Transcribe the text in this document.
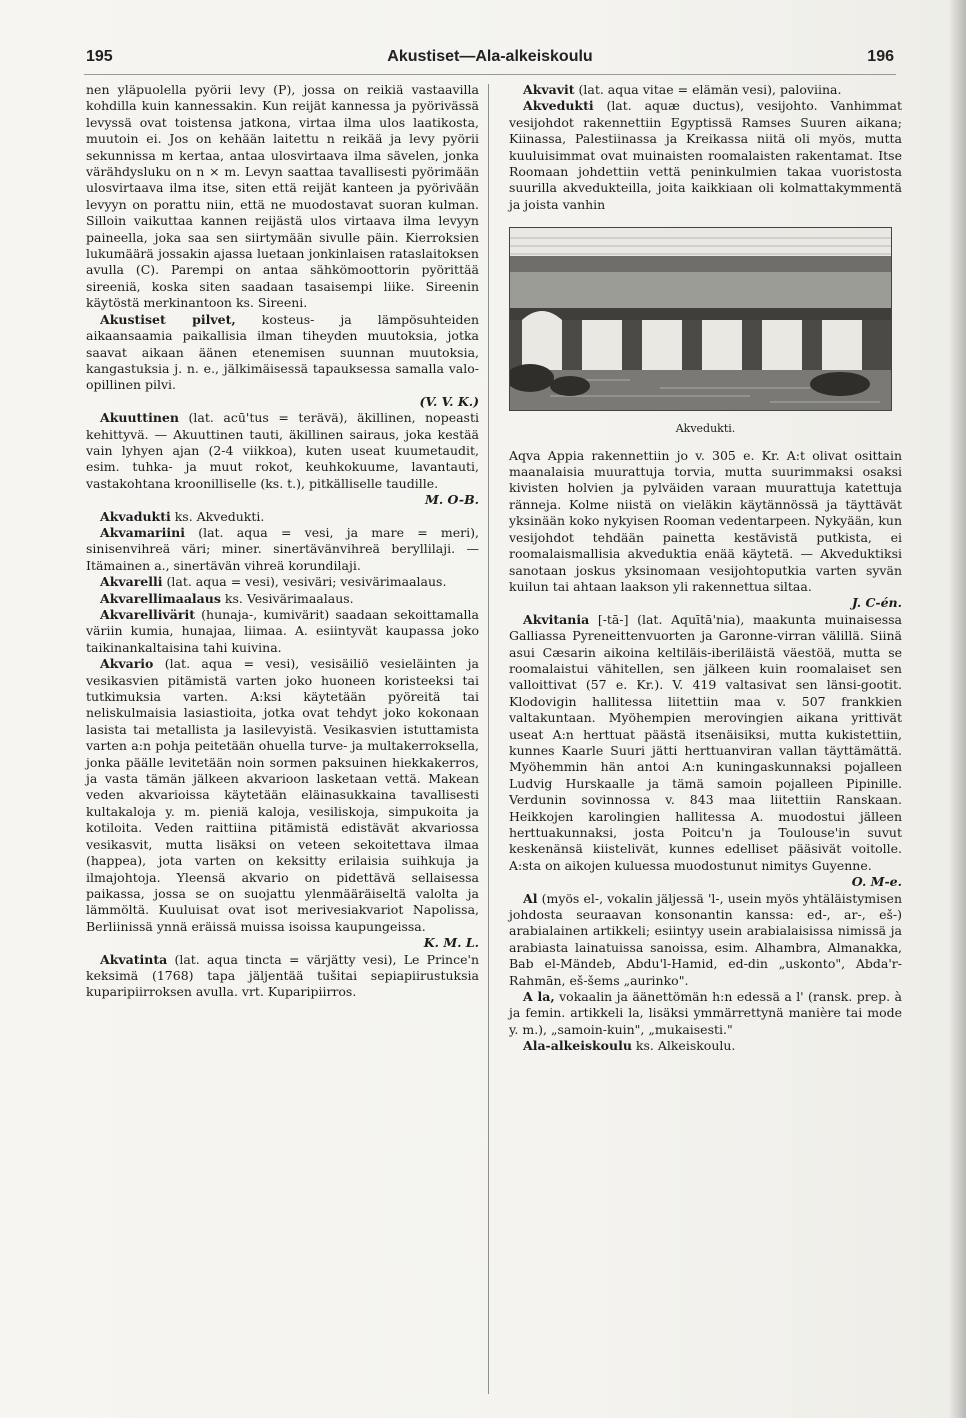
195	Akustiset—Ala-alkeiskoulu	196

nen yläpuolella pyörii levy (P), jossa on reikiä vastaavilla kohdilla kuin kannessakin. Kun reijät kannessa ja pyörivässä levyssä ovat toistensa jatkona, virtaa ilma ulos laatikosta, muutoin ei. Jos on kehään laitettu n reikää ja levy pyörii sekunnissa m kertaa, antaa ulosvirtaava ilma sävelen, jonka värähdysluku on n × m. Levyn saattaa tavallisesti pyörimään ulosvirtaava ilma itse, siten että reijät kanteen ja pyörivään levyyn on porattu niin, että ne muodostavat suoran kulman. Silloin vaikuttaa kannen reijästä ulos virtaava ilma levyyn paineella, joka saa sen siirtymään sivulle päin. Kierroksien lukumäärä jossakin ajassa luetaan jonkinlaisen rataslaitoksen avulla (C). Parempi on antaa sähkömoottorin pyörittää sireeniä, koska siten saadaan tasaisempi liike. Sireenin käytöstä merkinantoon ks. Sireeni.

Akustiset pilvet, kosteus- ja lämpösuhteiden aikaansaamia paikallisia ilman tiheyden muutoksia, jotka saavat aikaan äänen etenemisen suunnan muutoksia, kangastuksia j. n. e., jälkimäisessä tapauksessa samalla valo-opillinen pilvi.
(V. V. K.)

Akuuttinen (lat. acū'tus = terävä), äkillinen, nopeasti kehittyvä. — Akuuttinen tauti, äkillinen sairaus, joka kestää vain lyhyen ajan (2-4 viikkoa), kuten useat kuumetaudit, esim. tuhka- ja muut rokot, keuhkokuume, lavantauti, vastakohtana kroonilliselle (ks. t.), pitkälliselle taudille.
M. O-B.

Akvadukti ks. Akvedukti.

Akvamariini (lat. aqua = vesi, ja mare = meri), sinisenvihreä väri; miner. sinertävänvihreä beryllilaji. — Itämainen a., sinertävän vihreä korundilaji.

Akvarelli (lat. aqua = vesi), vesiväri; vesivärimaalaus.

Akvarellimaalaus ks. Vesivärimaalaus.

Akvarellivärit (hunaja-, kumivärit) saadaan sekoittamalla väriin kumia, hunajaa, liimaa. A. esiintyvät kaupassa joko taikinankaltaisina tahi kuivina.

Akvario (lat. aqua = vesi), vesisäiliö vesieläinten ja vesikasvien pitämistä varten joko huoneen koristeeksi tai tutkimuksia varten. A:ksi käytetään pyöreitä tai neliskulmaisia lasiastioita, jotka ovat tehdyt joko kokonaan lasista tai metallista ja lasilevyistä. Vesikasvien istuttamista varten a:n pohja peitetään ohuella turve- ja multakerroksella, jonka päälle levitetään noin sormen paksuinen hiekkakerros, ja vasta tämän jälkeen akvarioon lasketaan vettä. Makean veden akvarioissa käytetään eläinasukkaina tavallisesti kultakaloja y. m. pieniä kaloja, vesiliskoja, simpukoita ja kotiloita. Veden raittiina pitämistä edistävät akvariossa vesikasvit, mutta lisäksi on veteen sekoitettava ilmaa (happea), jota varten on keksitty erilaisia suihkuja ja ilmajohtoja. Yleensä akvario on pidettävä sellaisessa paikassa, jossa se on suojattu ylenmääräiseltä valolta ja lämmöltä. Kuuluisat ovat isot merivesiakvariot Napolissa, Berliinissä ynnä eräissä muissa isoissa kaupungeissa.
K. M. L.

Akvatinta (lat. aqua tincta = värjätty vesi), Le Prince'n keksimä (1768) tapa jäljentää tušitai sepiapiirustuksia kuparipiirroksen avulla. vrt. Kuparipiirros.

Akvavit (lat. aqua vitae = elämän vesi), paloviina.

Akvedukti (lat. aquæ ductus), vesijohto. Vanhimmat vesijohdot rakennettiin Egyptissä Ramses Suuren aikana; Kiinassa, Palestiinassa ja Kreikassa niitä oli myös, mutta kuuluisimmat ovat muinaisten roomalaisten rakentamat. Itse Roomaan johdettiin vettä peninkulmien takaa vuoristosta suurilla akvedukteilla, joita kaikkiaan oli kolmattakymmentä ja joista vanhin

Akvedukti.

Aqva Appia rakennettiin jo v. 305 e. Kr. A:t olivat osittain maanalaisia muurattuja torvia, mutta suurimmaksi osaksi kivisten holvien ja pylväiden varaan muurattuja katettuja ränneja. Kolme niistä on vieläkin käytännössä ja täyttävät yksinään koko nykyisen Rooman vedentarpeen. Nykyään, kun vesijohdot tehdään painetta kestävistä putkista, ei roomalaismallisia akveduktia enää käytetä. — Akveduktiksi sanotaan joskus yksinomaan vesijohtoputkia varten syvän kuilun tai ahtaan laakson yli rakennettua siltaa.
J. C-én.

Akvitania [-tā-] (lat. Aquītā'nia), maakunta muinaisessa Galliassa Pyreneittenvuorten ja Garonne-virran välillä. Siinä asui Cæsarin aikoina keltiläis-iberiläistä väestöä, mutta se roomalaistui vähitellen, sen jälkeen kuin roomalaiset sen valloittivat (57 e. Kr.). V. 419 valtasivat sen länsi-gootit. Klodovigin hallitessa liitettiin maa v. 507 frankkien valtakuntaan. Myöhempien merovingien aikana yrittivät useat A:n herttuat päästä itsenäisiksi, mutta kukistettiin, kunnes Kaarle Suuri jätti herttuanviran vallan täyttämättä. Myöhemmin hän antoi A:n kuningaskunnaksi pojalleen Ludvig Hurskaalle ja tämä samoin pojalleen Pipinille. Verdunin sovinnossa v. 843 maa liitettiin Ranskaan. Heikkojen karolingien hallitessa A. muodostui jälleen herttuakunnaksi, josta Poitcu'n ja Toulouse'in suvut keskenänsä kiistelivät, kunnes edelliset pääsivät voitolle. A:sta on aikojen kuluessa muodostunut nimitys Guyenne.
O. M-e.

Al (myös el-, vokalin jäljessä 'l-, usein myös yhtäläistymisen johdosta seuraavan konsonantin kanssa: ed-, ar-, eš-) arabialainen artikkeli; esiintyy usein arabialaisissa nimissä ja arabiasta lainatuissa sanoissa, esim. Alhambra, Almanakka, Bab el-Mändeb, Abdu'l-Hamid, ed-din „uskonto", Abda'r-Rahmān, eš-šems „aurinko".

A la, vokaalin ja äänettömän h:n edessä a l' (ransk. prep. à ja femin. artikkeli la, lisäksi ymmärrettynä manière tai mode y. m.), „samoin-kuin", „mukaisesti."

Ala-alkeiskoulu ks. Alkeiskoulu.
